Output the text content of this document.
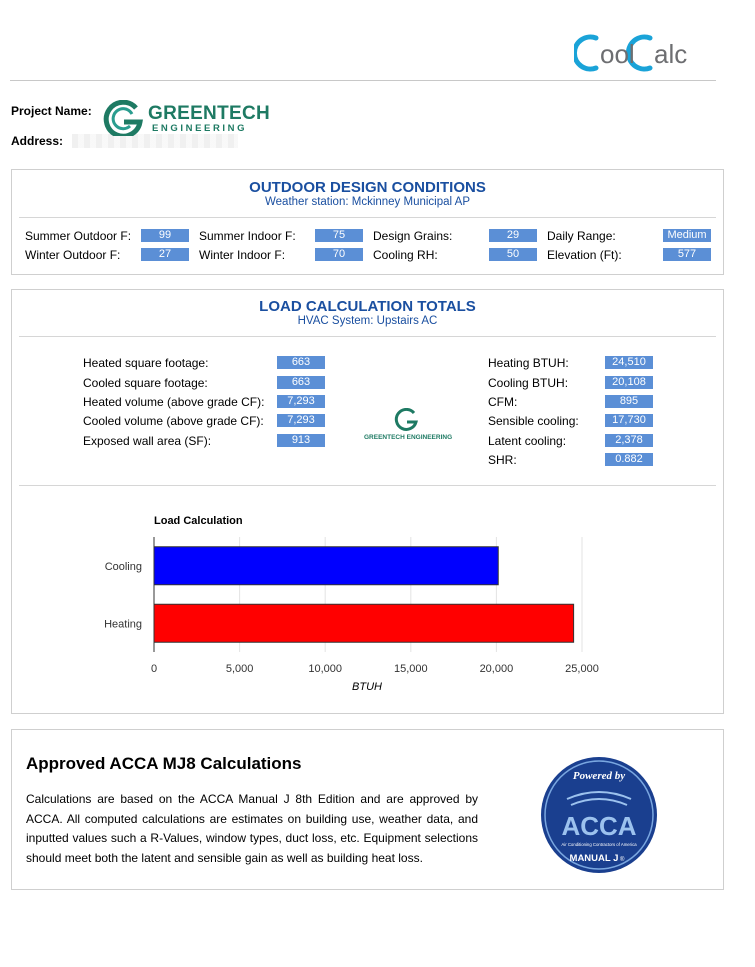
ool alc
Project Name:
Address:
GREENTECH
ENGINEERING
OUTDOOR DESIGN CONDITIONS
Weather station: Mckinney Municipal AP
Summer Outdoor F:	99	Summer Indoor F:	75	Design Grains:	29	Daily Range:	Medium
Winter Outdoor F:	27	Winter Indoor F:	70	Cooling RH:	50	Elevation (Ft):	577
LOAD CALCULATION TOTALS
HVAC System: Upstairs AC
Heated square footage:	663
Cooled square footage:	663
Heated volume (above grade CF):	7,293
Cooled volume (above grade CF):	7,293
Exposed wall area (SF):	913	GREENTECH ENGINEERING
Heating BTUH:	24,510
Cooling BTUH:	20,108
CFM:	895
Sensible cooling:	17,730
Latent cooling:	2,378
SHR:	0.882
Load Calculation
BTUH
0	5,000	10,000	15,000	20,000	25,000
Cooling
Heating
Approved ACCA MJ8 Calculations
Calculations are based on the ACCA Manual J 8th Edition and are approved by ACCA. All computed calculations are estimates on building use, weather data, and inputted values such a R-Values, window types, duct loss, etc. Equipment selections should meet both the latent and sensible gain as well as building heat loss.
Powered by
ACCA
Air Conditioning Contractors of America
MANUAL J ®
